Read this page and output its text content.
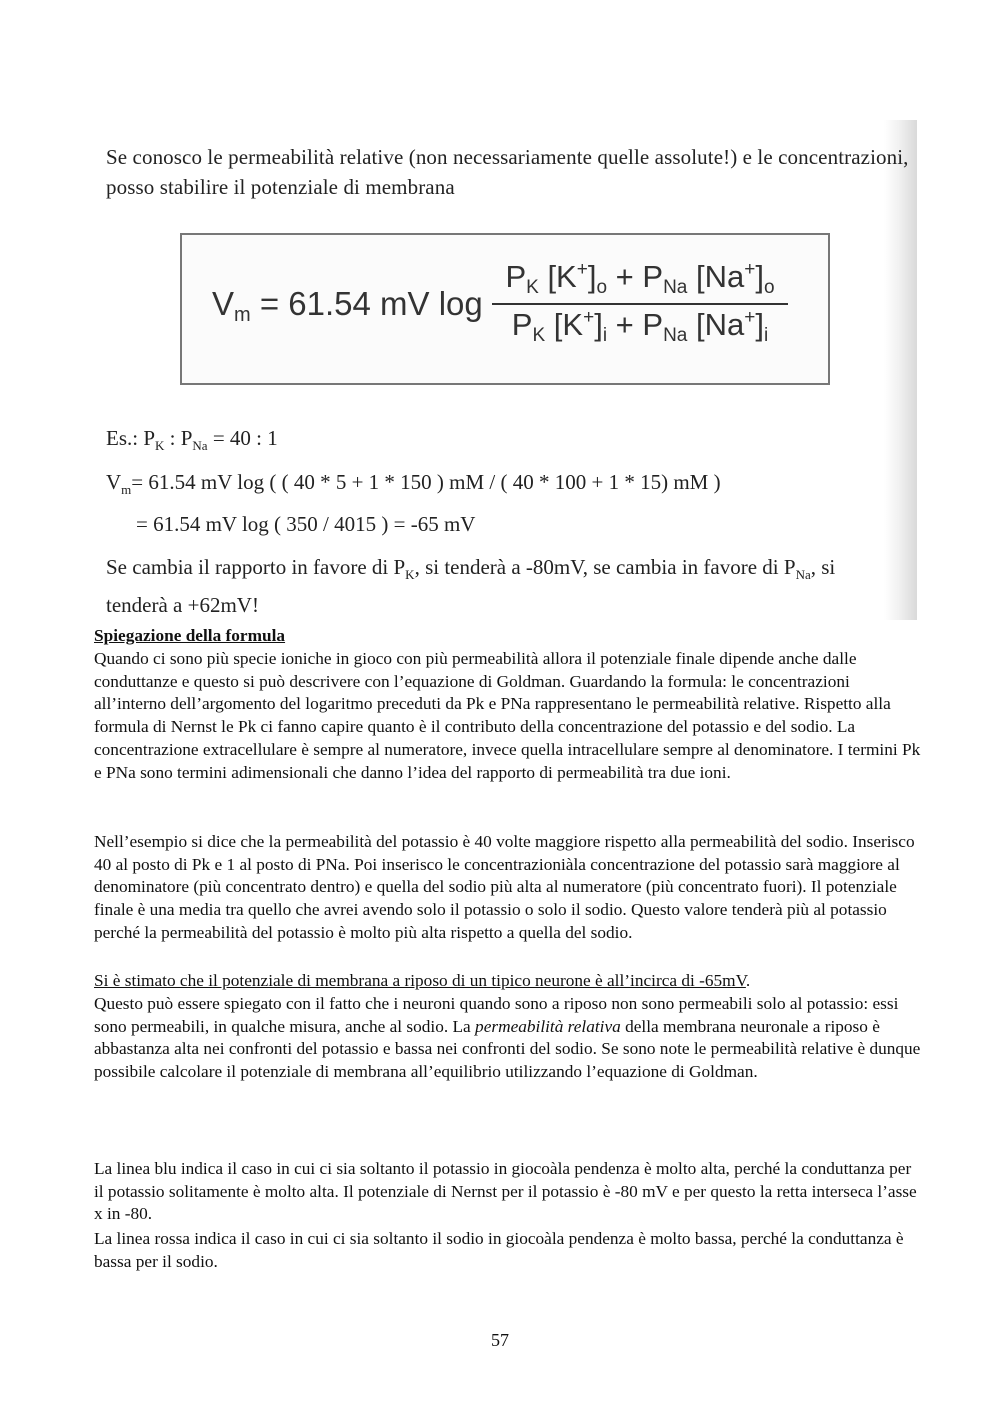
Se conosco le permeabilità relative (non necessariamente quelle assolute!) e le concentrazioni, posso stabilire il potenziale di membrana
$V_m = 61.54$ mV log
$P_K$ $[K^+]_o + P_{Na}$ $[Na^+]_o$
$P_K$ $[K^+]_i + P_{Na}$ $[Na^+]_i$
Es.: $P_K$ : $P_{Na} = 40$ : 1
$V_m= 61.54$ mV log ( ( 40 * 5 + 1 * 150 ) mM / ( 40 * 100 + 1 * 15) mM )
= 61.54 mV log ( 350 / 4015 ) = -65 mV
Se cambia il rapporto in favore di $P_K$, si tenderà a -80mV, se cambia in favore di $P_{Na}$, si tenderà a +62mV!
Spiegazione della formula
Quando ci sono più specie ioniche in gioco con più permeabilità allora il potenziale finale dipende anche dalle conduttanze e questo si può descrivere con l’equazione di Goldman. Guardando la formula: le concentrazioni all’interno dell’argomento del logaritmo preceduti da Pk e PNa rappresentano le permeabilità relative. Rispetto alla formula di Nernst le Pk ci fanno capire quanto è il contributo della concentrazione del potassio e del sodio. La concentrazione extracellulare è sempre al numeratore, invece quella intracellulare sempre al denominatore. I termini Pk e PNa sono termini adimensionali che danno l’idea del rapporto di permeabilità tra due ioni.
Nell’esempio si dice che la permeabilità del potassio è 40 volte maggiore rispetto alla permeabilità del sodio. Inserisco 40 al posto di Pk e 1 al posto di PNa. Poi inserisco le concentrazioniàla concentrazione del potassio sarà maggiore al denominatore (più concentrato dentro) e quella del sodio più alta al numeratore (più concentrato fuori). Il potenziale finale è una media tra quello che avrei avendo solo il potassio o solo il sodio. Questo valore tenderà più al potassio perché la permeabilità del potassio è molto più alta rispetto a quella del sodio.
Si è stimato che il potenziale di membrana a riposo di un tipico neurone è all’incirca di -65mV.
Questo può essere spiegato con il fatto che i neuroni quando sono a riposo non sono permeabili solo al potassio: essi sono permeabili, in qualche misura, anche al sodio. La permeabilità relativa della membrana neuronale a riposo è abbastanza alta nei confronti del potassio e bassa nei confronti del sodio. Se sono note le permeabilità relative è dunque possibile calcolare il potenziale di membrana all’equilibrio utilizzando l’equazione di Goldman.
La linea blu indica il caso in cui ci sia soltanto il potassio in giocoàla pendenza è molto alta, perché la conduttanza per il potassio solitamente è molto alta. Il potenziale di Nernst per il potassio è -80 mV e per questo la retta interseca l’asse x in -80.
La linea rossa indica il caso in cui ci sia soltanto il sodio in giocoàla pendenza è molto bassa, perché la conduttanza è bassa per il sodio.
57
